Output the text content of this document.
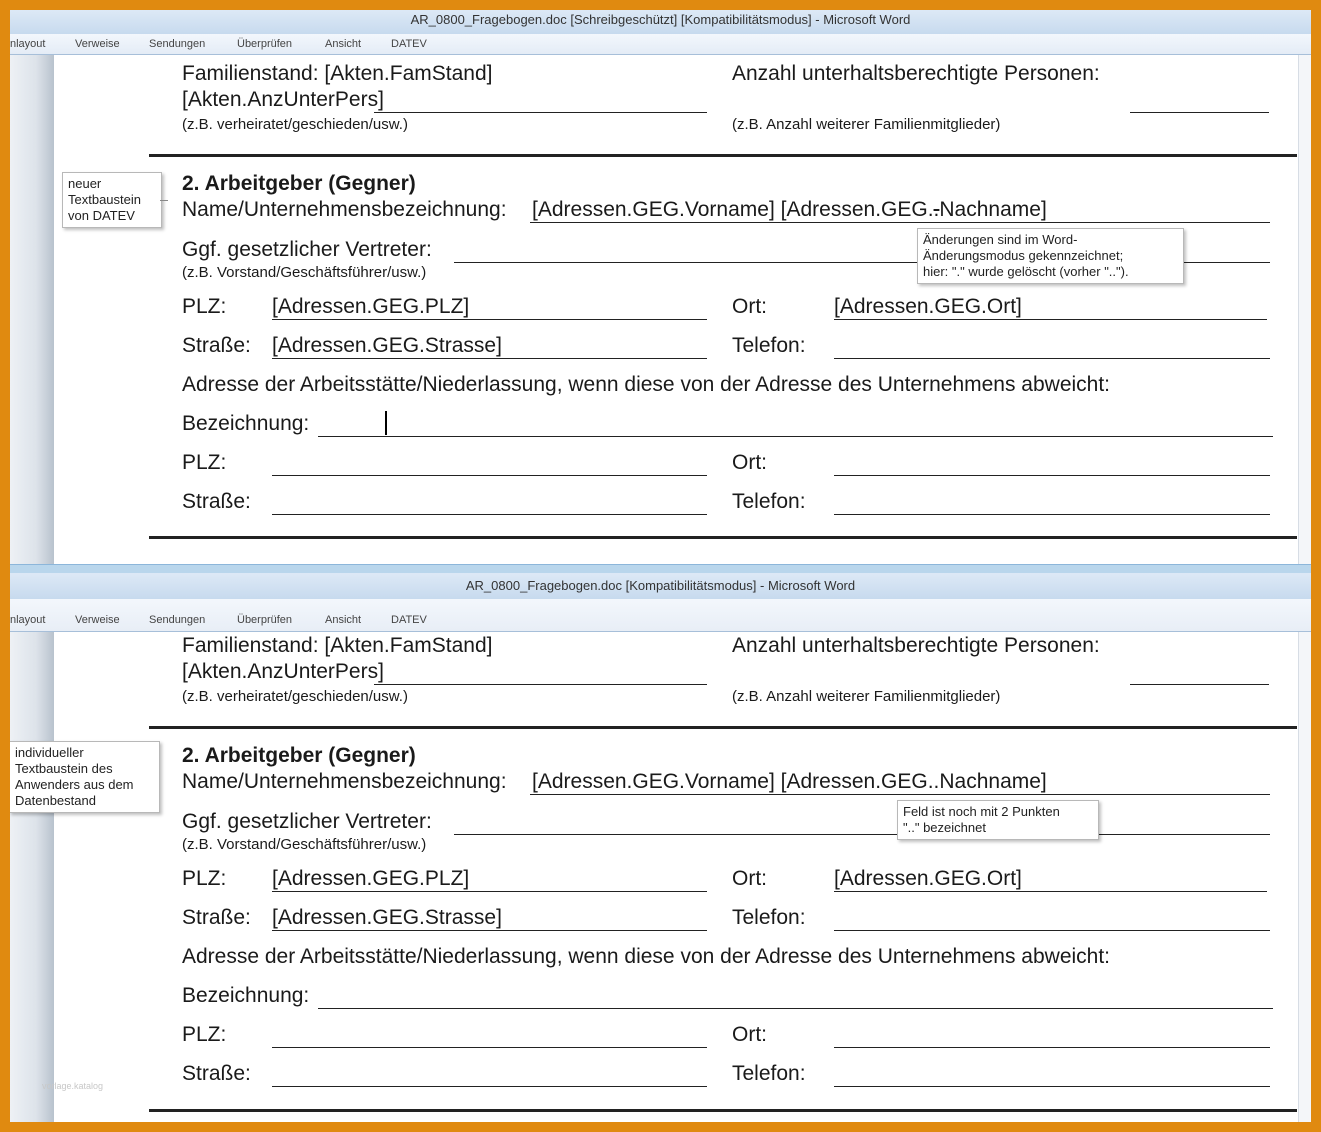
AR_0800_Fragebogen.doc [Schreibgeschützt] [Kompatibilitätsmodus] - Microsoft Word
nlayout	Verweise	Sendungen	Überprüfen	Ansicht	DATEV
Familienstand: [Akten.FamStand]	Anzahl unterhaltsberechtigte Personen:
[Akten.AnzUnterPers]
(z.B. verheiratet/geschieden/usw.)	(z.B. Anzahl weiterer Familienmitglieder)
2. Arbeitgeber (Gegner)
Name/Unternehmensbezeichnung: [Adressen.GEG.Vorname] [Adressen.GEG..Nachname]
Ggf. gesetzlicher Vertreter:
(z.B. Vorstand/Geschäftsführer/usw.)
PLZ: [Adressen.GEG.PLZ]	Ort:	[Adressen.GEG.Ort]
Straße: [Adressen.GEG.Strasse]	Telefon:
Adresse der Arbeitsstätte/Niederlassung, wenn diese von der Adresse des Unternehmens abweicht:
Bezeichnung:
PLZ:	Ort:
Straße:	Telefon:
neuer
Textbaustein
von DATEV
Änderungen sind im Word-
Änderungsmodus gekennzeichnet;
hier: "." wurde gelöscht (vorher "..").
AR_0800_Fragebogen.doc [Kompatibilitätsmodus] - Microsoft Word
nlayout	Verweise	Sendungen	Überprüfen	Ansicht	DATEV
Familienstand: [Akten.FamStand]	Anzahl unterhaltsberechtigte Personen:
[Akten.AnzUnterPers]
(z.B. verheiratet/geschieden/usw.)	(z.B. Anzahl weiterer Familienmitglieder)
2. Arbeitgeber (Gegner)
Name/Unternehmensbezeichnung: [Adressen.GEG.Vorname] [Adressen.GEG..Nachname]
Ggf. gesetzlicher Vertreter:
(z.B. Vorstand/Geschäftsführer/usw.)
PLZ: [Adressen.GEG.PLZ]	Ort:	[Adressen.GEG.Ort]
Straße: [Adressen.GEG.Strasse]	Telefon:
Adresse der Arbeitsstätte/Niederlassung, wenn diese von der Adresse des Unternehmens abweicht:
Bezeichnung:
PLZ:	Ort:
Straße:	Telefon:
vorlage.katalog
individueller
Textbaustein des
Anwenders aus dem
Datenbestand
Feld ist noch mit 2 Punkten
".." bezeichnet
